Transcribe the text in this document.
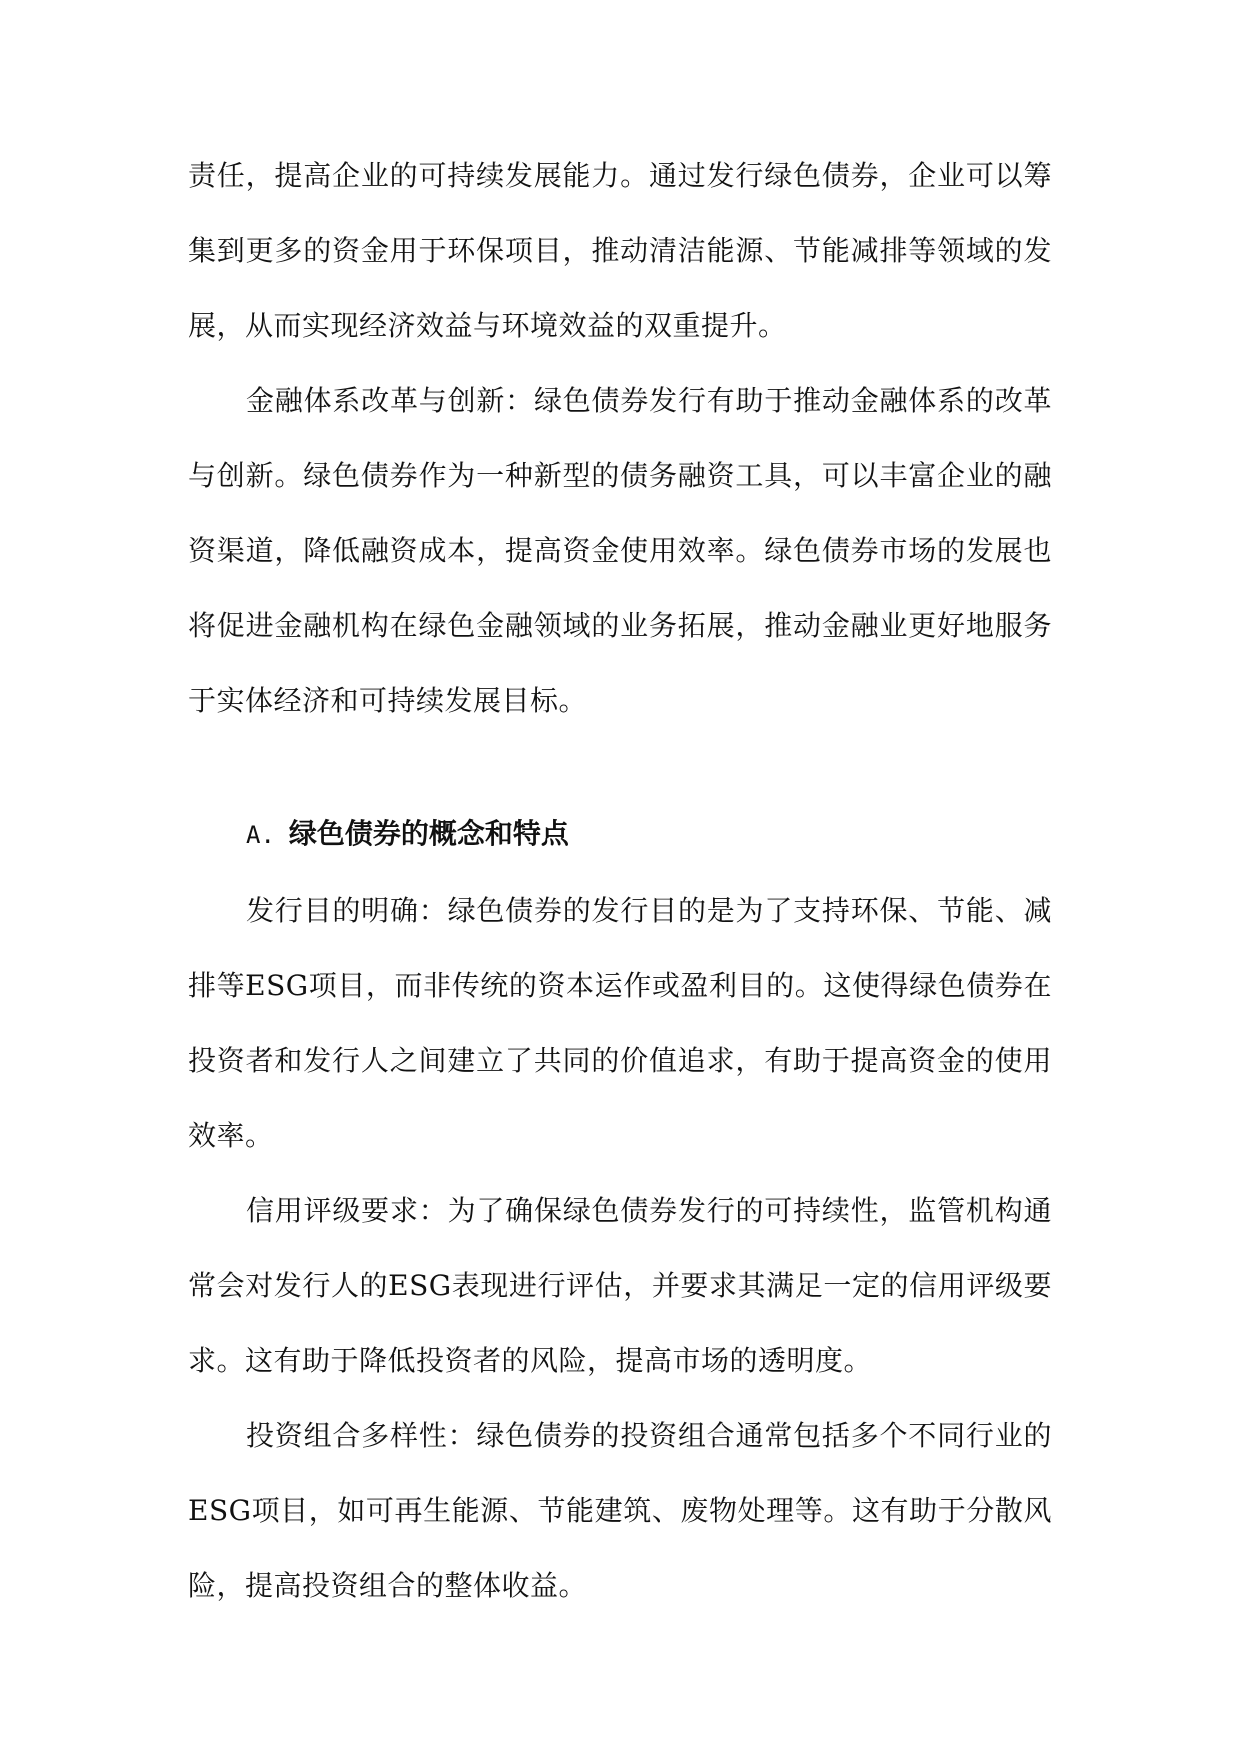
责任，提高企业的可持续发展能力。通过发行绿色债券，企业可以筹集到更多的资金用于环保项目，推动清洁能源、节能减排等领域的发展，从而实现经济效益与环境效益的双重提升。

金融体系改革与创新：绿色债券发行有助于推动金融体系的改革与创新。绿色债券作为一种新型的债务融资工具，可以丰富企业的融资渠道，降低融资成本，提高资金使用效率。绿色债券市场的发展也将促进金融机构在绿色金融领域的业务拓展，推动金融业更好地服务于实体经济和可持续发展目标。

A. 绿色债券的概念和特点

发行目的明确：绿色债券的发行目的是为了支持环保、节能、减排等ESG项目，而非传统的资本运作或盈利目的。这使得绿色债券在投资者和发行人之间建立了共同的价值追求，有助于提高资金的使用效率。

信用评级要求：为了确保绿色债券发行的可持续性，监管机构通常会对发行人的ESG表现进行评估，并要求其满足一定的信用评级要求。这有助于降低投资者的风险，提高市场的透明度。

投资组合多样性：绿色债券的投资组合通常包括多个不同行业的ESG项目，如可再生能源、节能建筑、废物处理等。这有助于分散风险，提高投资组合的整体收益。
